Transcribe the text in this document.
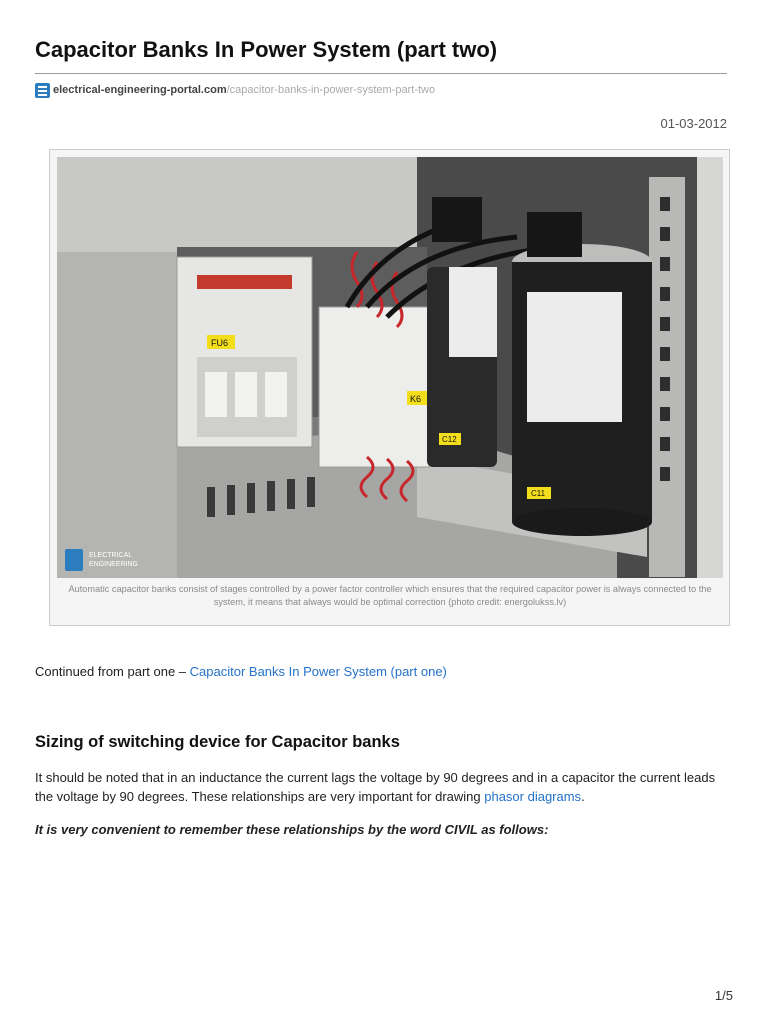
Capacitor Banks In Power System (part two)
electrical-engineering-portal.com /capacitor-banks-in-power-system-part-two
01-03-2012
FU6
K6
C12
C11
ELECTRICAL
ENGINEERING
Automatic capacitor banks consist of stages controlled by a power factor controller which ensures that the required capacitor power is always connected to the system, it means that always would be optimal correction (photo credit: energolukss.lv)

Continued from part one – Capacitor Banks In Power System (part one)

Sizing of switching device for Capacitor banks

It should be noted that in an inductance the current lags the voltage by 90 degrees and in a capacitor the current leads the voltage by 90 degrees. These relationships are very important for drawing phasor diagrams.

It is very convenient to remember these relationships by the word CIVIL as follows:

1/5
